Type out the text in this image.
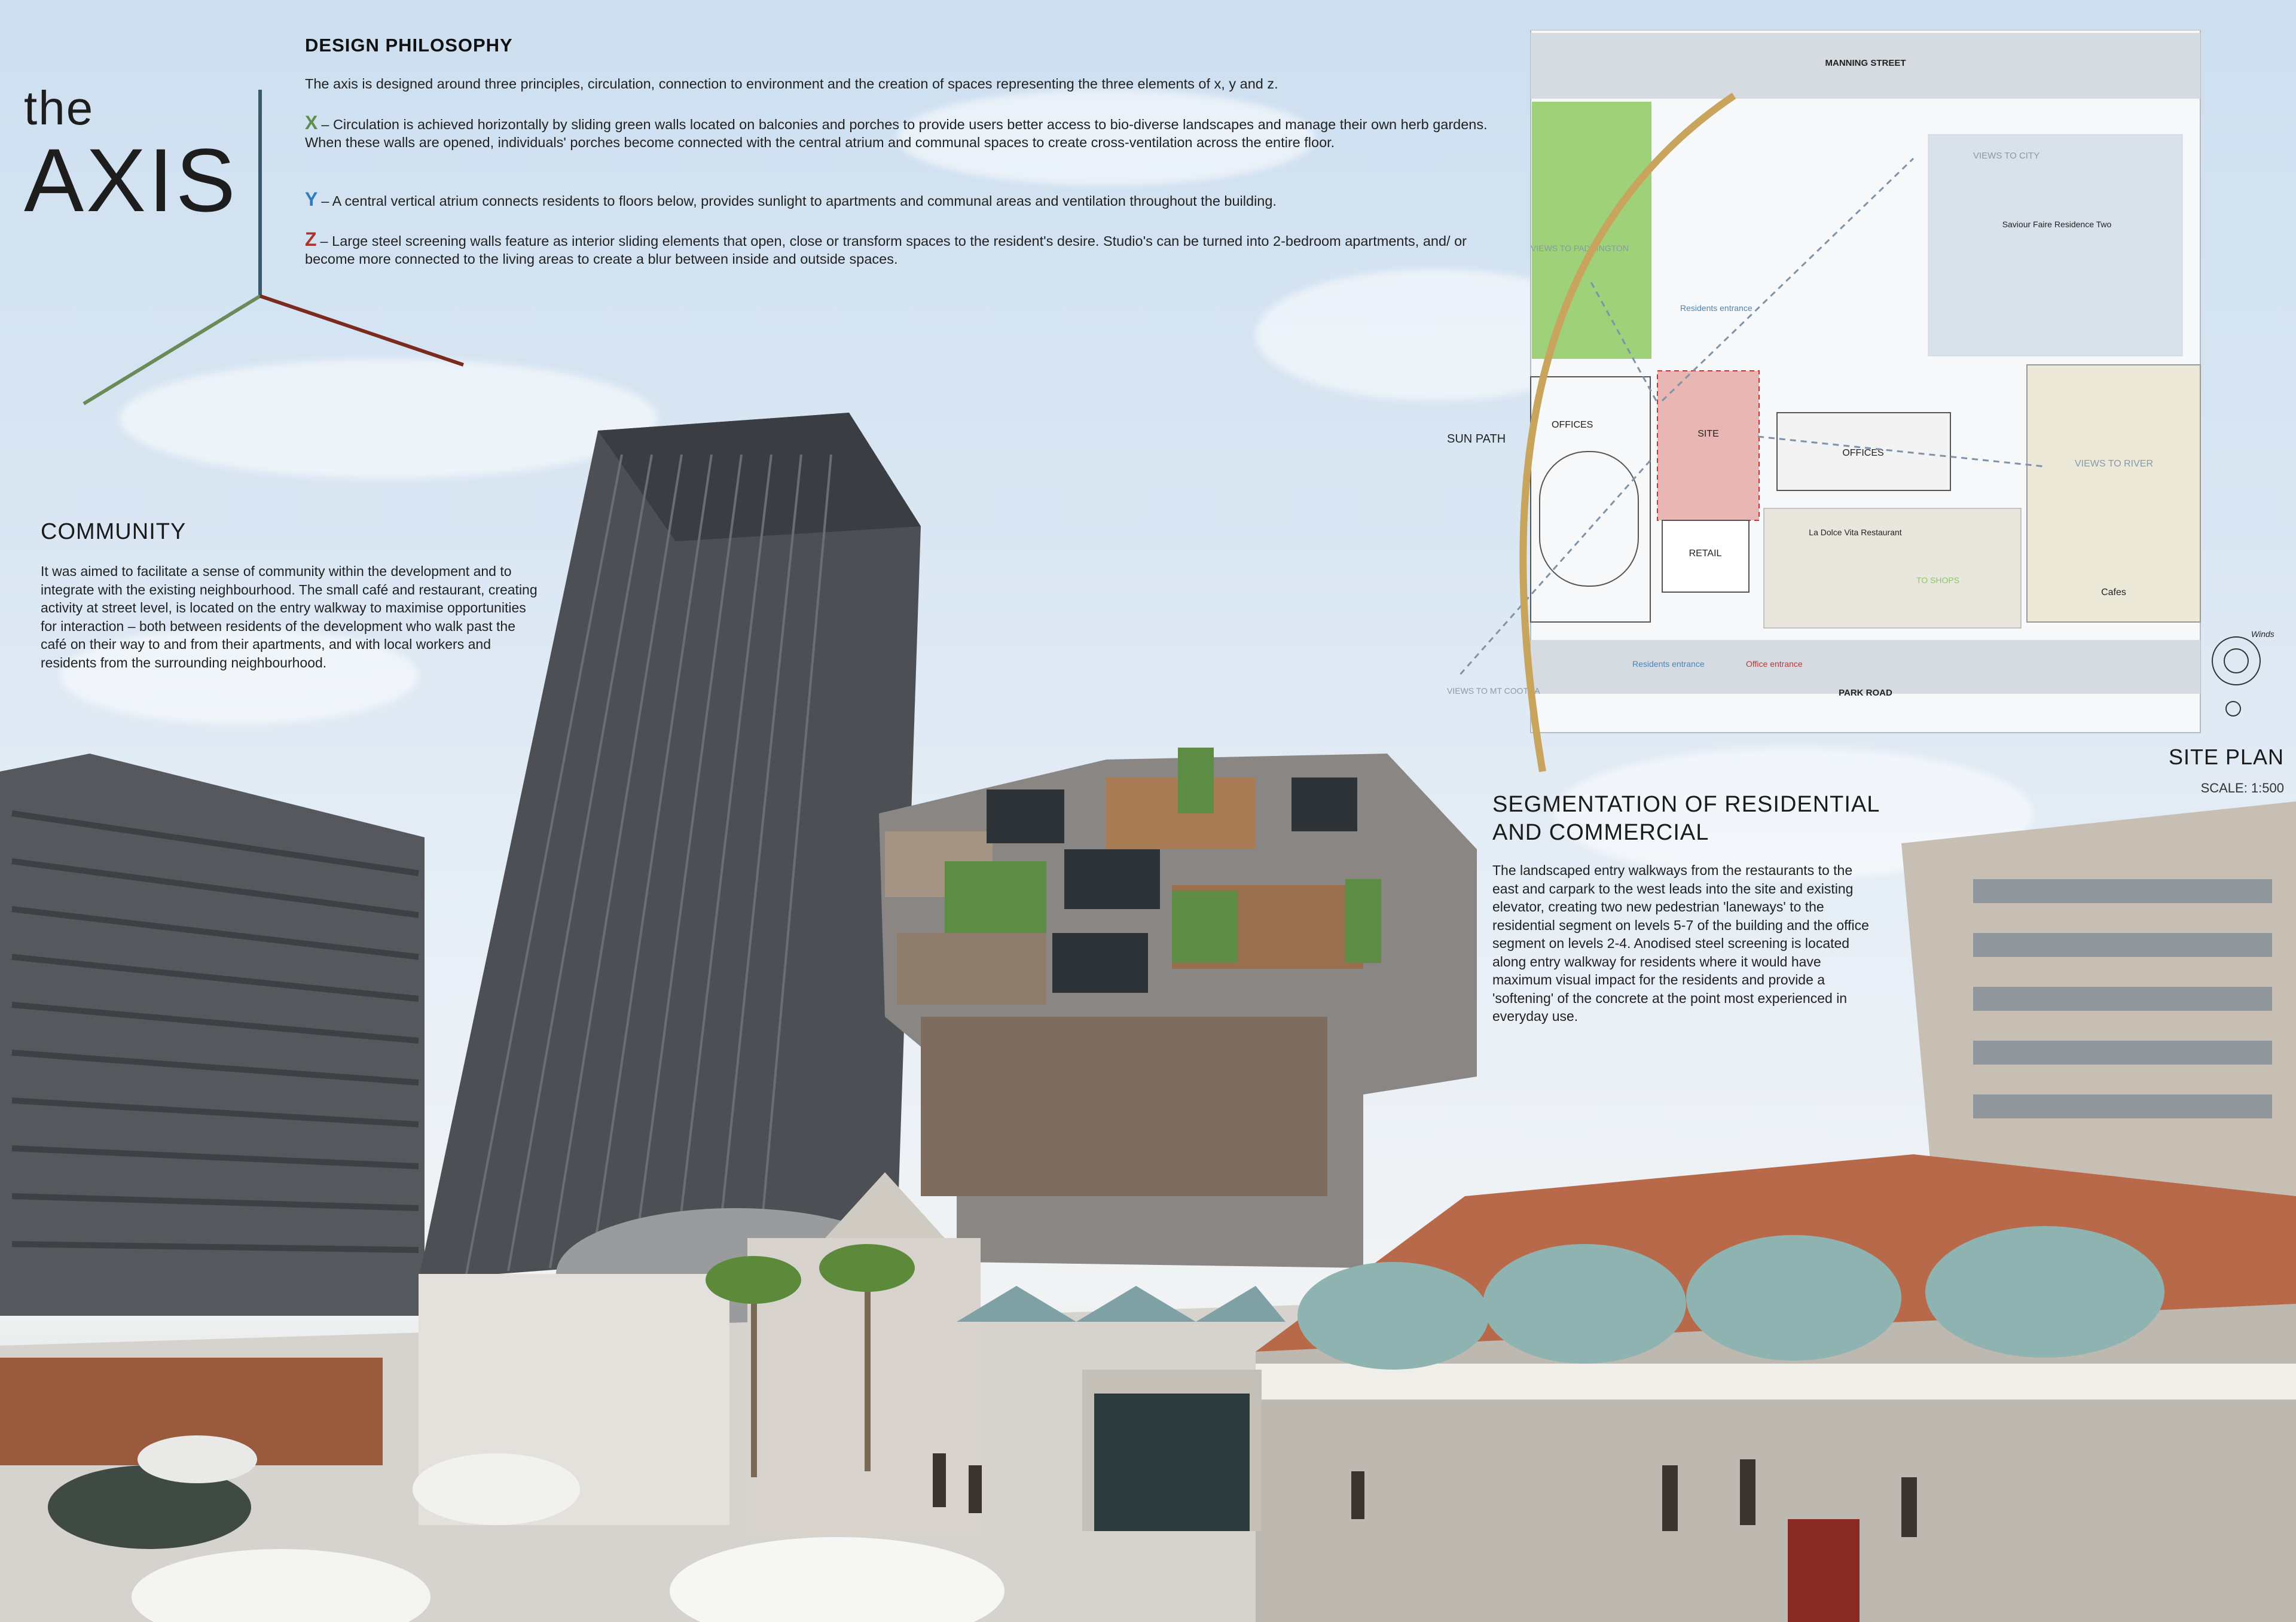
the
AXIS
DESIGN PHILOSOPHY
The axis is designed around three principles, circulation, connection to environment and the creation of spaces representing the three elements of x, y and z.
X – Circulation is achieved horizontally by sliding green walls located on balconies and porches to provide users better access to bio-diverse landscapes and manage their own herb gardens. When these walls are opened, individuals' porches become connected with the central atrium and communal spaces to create cross-ventilation across the entire floor.
Y – A central vertical atrium connects residents to floors below, provides sunlight to apartments and communal areas and ventilation throughout the building.
Z – Large steel screening walls feature as interior sliding elements that open, close or transform spaces to the resident's desire. Studio's can be turned into 2-bedroom apartments, and/ or become more connected to the living areas to create a blur between inside and outside spaces.
COMMUNITY
It was aimed to facilitate a sense of community within the development and to integrate with the existing neighbourhood. The small café and restaurant, creating activity at street level, is located on the entry walkway to maximise opportunities for interaction – both between residents of the development who walk past the café on their way to and from their apartments, and with local workers and residents from the surrounding neighbourhood.
SEGMENTATION OF RESIDENTIAL
AND COMMERCIAL
The landscaped entry walkways from the restaurants to the east and carpark to the west leads into the site and existing elevator, creating two new pedestrian 'laneways' to the residential segment on levels 5-7 of the building and the office segment on levels 2-4. Anodised steel screening is located along entry walkway for residents where it would have maximum visual impact for the residents and provide a 'softening' of the concrete at the point most experienced in everyday use.
MANNING STREET
PARK ROAD
VIEWS TO PADDINGTON
Saviour Faire Residence Two
VIEWS TO CITY
OFFICES
SITE
OFFICES
RETAIL
La Dolce Vita Restaurant
TO SHOPS
Cafes
VIEWS TO RIVER
Residents entrance
Residents entrance	Office entrance
VIEWS TO MT COOTHA
SUN PATH
Winds
SITE PLAN
SCALE: 1:500
